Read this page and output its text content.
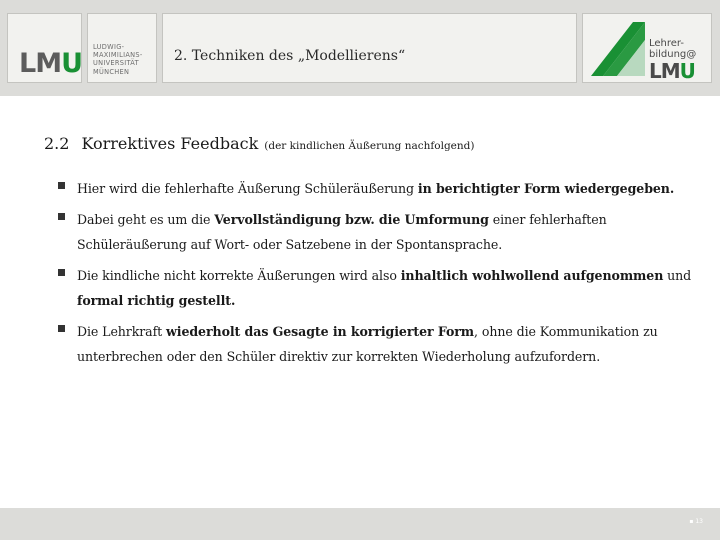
LMU
LUDWIG-
MAXIMILIANS-
UNIVERSITÄT
MÜNCHEN
2. Techniken des „Modellierens“
Lehrer-
bildung@
LMU
2.2 Korrektives Feedback (der kindlichen Äußerung nachfolgend)
Hier wird die fehlerhafte Äußerung Schüleräußerung in berichtigter Form wiedergegeben.
Dabei geht es um die Vervollständigung bzw. die Umformung einer fehlerhaften Schüleräußerung auf Wort- oder Satzebene in der Spontansprache.
Die kindliche nicht korrekte Äußerungen wird also inhaltlich wohlwollend aufgenommen und formal richtig gestellt.
Die Lehrkraft wiederholt das Gesagte in korrigierter Form, ohne die Kommunikation zu unterbrechen oder den Schüler direktiv zur korrekten Wiederholung aufzufordern.
▪ 13
